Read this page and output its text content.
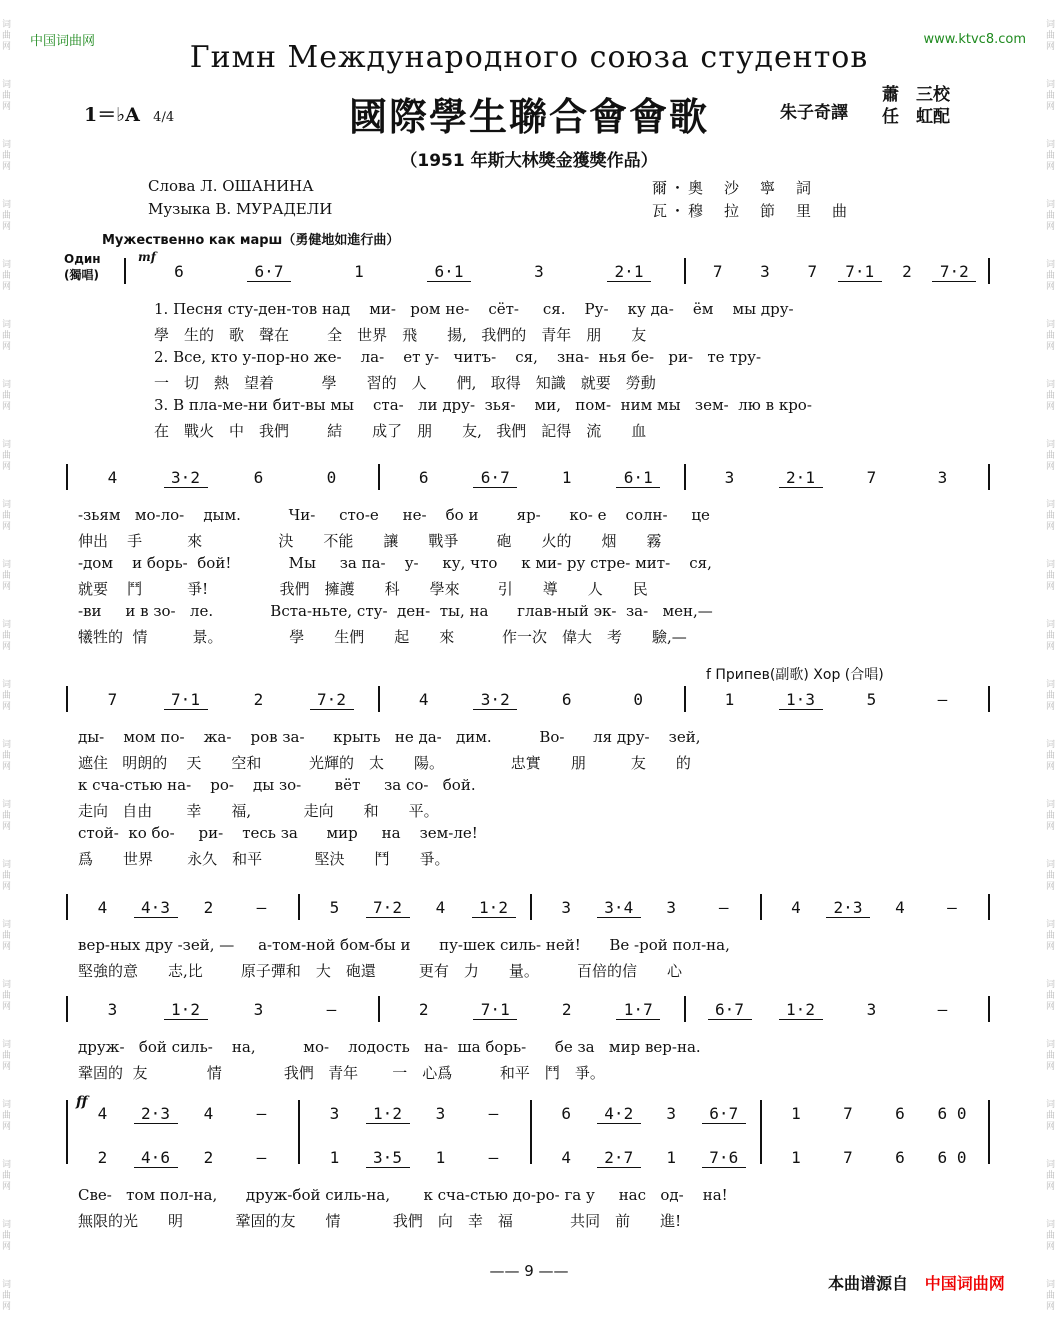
词
曲
网
词
曲
网
词
曲
网
词
曲
网
词
曲
网
词
曲
网
词
曲
网
词
曲
网
词
曲
网
词
曲
网
词
曲
网
词
曲
网
词
曲
网
词
曲
网
词
曲
网
词
曲
网
词
曲
网
词
曲
网
词
曲
网
词
曲
网
词
曲
网
词
曲
网
词
曲
网
词
曲
网
词
曲
网
词
曲
网
词
曲
网
词
曲
网
词
曲
网
词
曲
网
词
曲
网
词
曲
网
词
曲
网
词
曲
网
词
曲
网
词
曲
网
词
曲
网
词
曲
网
词
曲
网
词
曲
网
词
曲
网
词
曲
网
词
曲
网
词
曲
网
中国词曲网	www.ktvc8.com
Гимн Международного союза студентов
1＝♭A 4/4	國際學生聯合會會歌	朱子奇譯
蕭　三校
任　虹配
（1951 年斯大林獎金獲獎作品）
Слова Л. ОШАНИНА
Музыка В. МУРАДЕЛИ
爾・奧　沙　寧　詞
瓦・穆　拉　節　里　曲
Мужественно как марш（勇健地如進行曲）
Один
(獨唱)
mf
6	6·7	1	6·1	3	2·1	7	3	7	7·1	2	7·2
1. Песня сту-ден-тов над    ми-   ром не-    сёт-     ся.    Ру-    ку да-    ём    мы дру-
學　生的　歌　聲在        全　世界　飛　　揚,   我們的　青年　朋　　友
2. Все, кто у-пор-но же-    ла-    ет у-   читъ-    ся,    зна-  нья бе-   ри-   те тру-
一　切　熱　望着          學　　習的　人　　們,   取得　知識　就要　勞動
3. В пла-ме-ни бит-вы мы    ста-   ли дру-  зья-    ми,   пом-  ним мы   зем-  лю в кро-
在　戰火　中　我們        結　　成了　朋　　友,   我們　記得　流　　血
4	3·2	6	0	6	6·7	1	6·1	3	2·1	7	3
-зьям   мо-ло-    дым.          Чи-     сто-е     не-    бо и        яр-      ко- е    солн-     це
伸出    手　　　來                決　　不能　　讓　　戰爭        砲　　火的　　烟　　霧
-дом    и борь-  бой!            Мы     за па-    у-     ку, что     к ми- ру стре- мит-    ся,
就要    鬥　　　爭!               我們　擁護　　科　　學來        引　　導　　人　　民
-ви     и в зо-   ле.            Вста-ньте, сту-  ден-  ты, на      глав-ный эк-  за-   мен,—
犧牲的  情　　　景。              學　　生們　　起　　來          作一次　偉大　考　　驗,—
7	7·1	2	7·2	4	3·2	6	0	1	1·3	5	—
ды-    мом по-    жа-    ров за-      крыть   не да-   дим.          Во-      ля дру-    зей,
遮住   明朗的    天　　空和          光輝的　太　　陽。              忠實　　朋　　　友　　的
к сча-стью на-    ро-    ды зо-       вёт     за со-   бой.
走向   自由　    幸　　福,           走向　　和　　平。
стой-  ко бо-     ри-    тесь за      мир     на    зем-ле!
爲　　世界　    永久　和平           堅決　　鬥　　爭。
4	4·3	2	—	5	7·2	4	1·2	3	3·4	3	—	4	2·3	4	—
вер-ных дру -зей, —     а-том-ной бом-бы и      пу-шек силь- ней!      Ве -рой пол-на,
堅強的意　　志,比        原子彈和　大　砲還         更有　力　　量。        百倍的信　　心
3	1·2	3	—	2	7·1	2	1·7	6·7	1·2	3	—
друж-   бой силь-    на,          мо-    лодость   на-  ша борь-      бе за   мир вер-на.
鞏固的  友　　　   情             我們   青年　    一　心爲          和平　鬥　爭。
4	2·3	4	—	3	1·2	3	—	6	4·2	3	6·7	1	7	6	6 0
2	4·6	2	—	1	3·5	1	—	4	2·7	1	7·6	1	7	6	6 0
Све-   том пол-на,      друж-бой силь-на,       к сча-стью до-ро- га у     нас   од-    на!
無限的光　　明           鞏固的友　　情           我們　向　幸　福            共同　前　　進!
f Припев(副歌) Хор (合唱)
ff
—— 9 ——
本曲谱源自 中国词曲网
